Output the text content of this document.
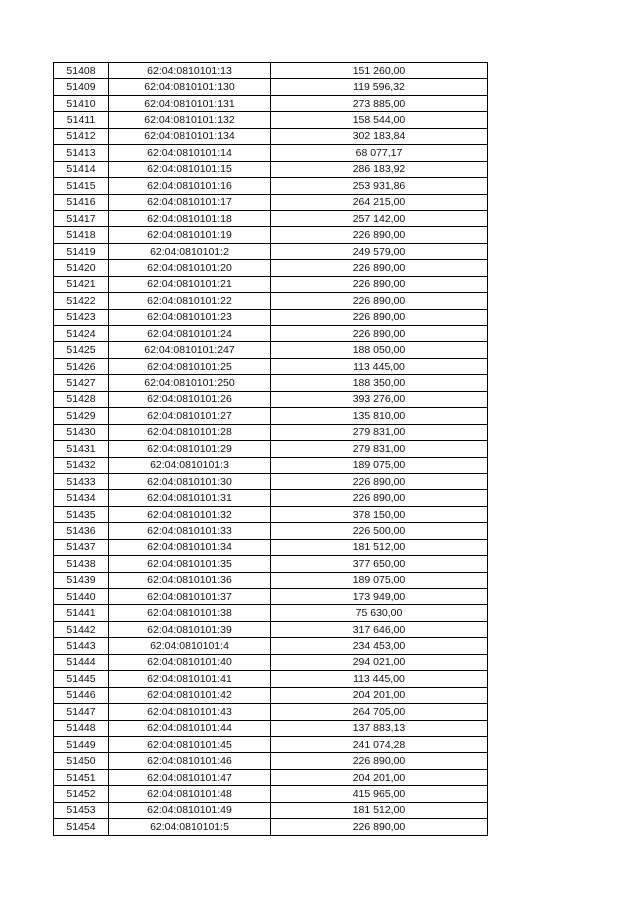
51408	62:04:0810101:13	151 260,00
51409	62:04:0810101:130	119 596,32
51410	62:04:0810101:131	273 885,00
51411	62:04:0810101:132	158 544,00
51412	62:04:0810101:134	302 183,84
51413	62:04:0810101:14	68 077,17
51414	62:04:0810101:15	286 183,92
51415	62:04:0810101:16	253 931,86
51416	62:04:0810101:17	264 215,00
51417	62:04:0810101:18	257 142,00
51418	62:04:0810101:19	226 890,00
51419	62:04:0810101:2	249 579,00
51420	62:04:0810101:20	226 890,00
51421	62:04:0810101:21	226 890,00
51422	62:04:0810101:22	226 890,00
51423	62:04:0810101:23	226 890,00
51424	62:04:0810101:24	226 890,00
51425	62:04:0810101:247	188 050,00
51426	62:04:0810101:25	113 445,00
51427	62:04:0810101:250	188 350,00
51428	62:04:0810101:26	393 276,00
51429	62:04:0810101:27	135 810,00
51430	62:04:0810101:28	279 831,00
51431	62:04:0810101:29	279 831,00
51432	62:04:0810101:3	189 075,00
51433	62:04:0810101:30	226 890,00
51434	62:04:0810101:31	226 890,00
51435	62:04:0810101:32	378 150,00
51436	62:04:0810101:33	226 500,00
51437	62:04:0810101:34	181 512,00
51438	62:04:0810101:35	377 650,00
51439	62:04:0810101:36	189 075,00
51440	62:04:0810101:37	173 949,00
51441	62:04:0810101:38	75 630,00
51442	62:04:0810101:39	317 646,00
51443	62:04:0810101:4	234 453,00
51444	62:04:0810101:40	294 021,00
51445	62:04:0810101:41	113 445,00
51446	62:04:0810101:42	204 201,00
51447	62:04:0810101:43	264 705,00
51448	62:04:0810101:44	137 883,13
51449	62:04:0810101:45	241 074,28
51450	62:04:0810101:46	226 890,00
51451	62:04:0810101:47	204 201,00
51452	62:04:0810101:48	415 965,00
51453	62:04:0810101:49	181 512,00
51454	62:04:0810101:5	226 890,00
